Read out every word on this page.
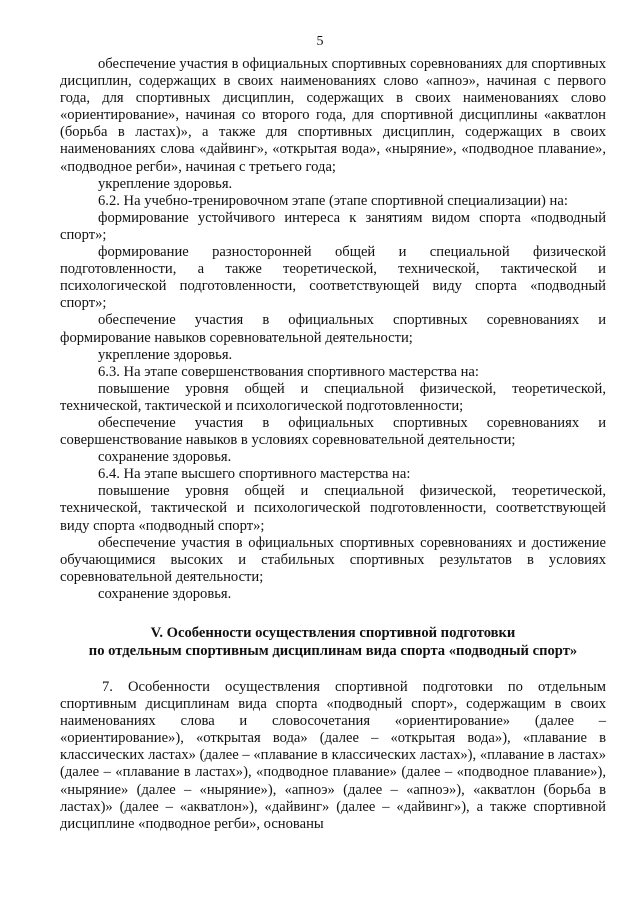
5

обеспечение участия в официальных спортивных соревнованиях для спортивных дисциплин, содержащих в своих наименованиях слово «апноэ», начиная с первого года, для спортивных дисциплин, содержащих в своих наименованиях слово «ориентирование», начиная со второго года, для спортивной дисциплины «акватлон (борьба в ластах)», а также для спортивных дисциплин, содержащих в своих наименованиях слова «дайвинг», «открытая вода», «ныряние», «подводное плавание», «подводное регби», начиная с третьего года;

укрепление здоровья.

6.2. На учебно-тренировочном этапе (этапе спортивной специализации) на:

формирование устойчивого интереса к занятиям видом спорта «подводный спорт»;

формирование разносторонней общей и специальной физической подготовленности, а также теоретической, технической, тактической и психологической подготовленности, соответствующей виду спорта «подводный спорт»;

обеспечение участия в официальных спортивных соревнованиях и формирование навыков соревновательной деятельности;

укрепление здоровья.

6.3. На этапе совершенствования спортивного мастерства на:

повышение уровня общей и специальной физической, теоретической, технической, тактической и психологической подготовленности;

обеспечение участия в официальных спортивных соревнованиях и совершенствование навыков в условиях соревновательной деятельности;

сохранение здоровья.

6.4. На этапе высшего спортивного мастерства на:

повышение уровня общей и специальной физической, теоретической, технической, тактической и психологической подготовленности, соответствующей виду спорта «подводный спорт»;

обеспечение участия в официальных спортивных соревнованиях и достижение обучающимися высоких и стабильных спортивных результатов в условиях соревновательной деятельности;

сохранение здоровья.

V. Особенности осуществления спортивной подготовки
по отдельным спортивным дисциплинам вида спорта «подводный спорт»

7. Особенности осуществления спортивной подготовки по отдельным спортивным дисциплинам вида спорта «подводный спорт», содержащим в своих наименованиях слова и словосочетания «ориентирование» (далее – «ориентирование»), «открытая вода» (далее – «открытая вода»), «плавание в классических ластах» (далее – «плавание в классических ластах»), «плавание в ластах» (далее – «плавание в ластах»), «подводное плавание» (далее – «подводное плавание»), «ныряние» (далее – «ныряние»), «апноэ» (далее – «апноэ»), «акватлон (борьба в ластах)» (далее – «акватлон»), «дайвинг» (далее – «дайвинг»), а также спортивной дисциплине «подводное регби», основаны
